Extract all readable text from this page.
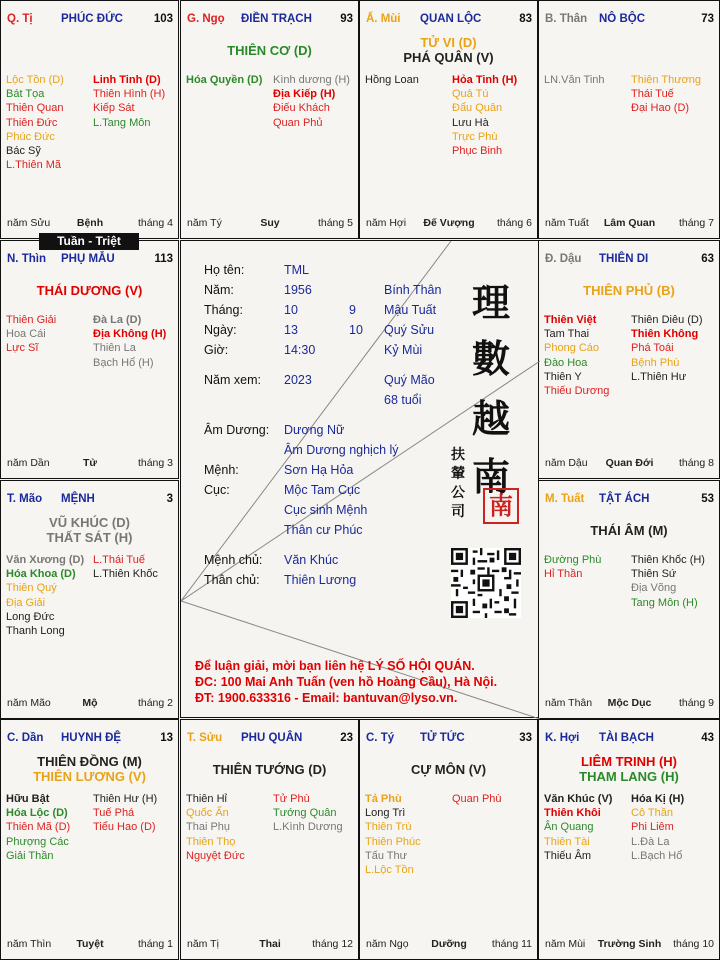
Q. Tị PHÚC ĐỨC	103
Lộc Tồn (D)
Bát Tọa
Thiên Quan
Thiên Đức
Phúc Đức
Bác Sỹ
L.Thiên Mã
Linh Tinh (D)
Thiên Hình (H)
Kiếp Sát
L.Tang Môn
năm Sửu	Bệnh	tháng 4
G. Ngọ ĐIỀN TRẠCH	93
THIÊN CƠ (D)
Hóa Quyền (D) Kình dương (H)
Địa Kiếp (H)
Điếu Khách
Quan Phủ
năm Tý	Suy	tháng 5
Ấ. Mùi QUAN LỘC	83
TỬ VI (D)
PHÁ QUÂN (V)
Hồng Loan	Hỏa Tinh (H)
Quả Tú
Đẩu Quân
Lưu Hà
Trực Phù
Phục Binh
năm Hợi	Đế Vượng	tháng 6
B. Thân NÔ BỘC	73
LN.Văn Tinh Thiên Thương
Thái Tuế
Đại Hao (D)
năm Tuất	Lâm Quan	tháng 7
N. Thìn PHỤ MẪU	113
THÁI DƯƠNG (V)
Thiên Giải
Hoa Cái
Lực Sĩ
Đà La (D)
Địa Không (H)
Thiên La
Bạch Hổ (H)
năm Dần	Tử	tháng 3
Đ. Dậu THIÊN DI	63
THIÊN PHỦ (B)
Thiên Việt
Tam Thai
Phong Cáo
Đào Hoa
Thiên Y
Thiếu Dương
Thiên Diêu (D)
Thiên Không
Phá Toái
Bệnh Phù
L.Thiên Hư
năm Dậu	Quan Đới	tháng 8
T. Mão MỆNH	3
VŨ KHÚC (D)
THẤT SÁT (H)
Văn Xương (D)
Hóa Khoa (D)
Thiên Quý
Địa Giải
Long Đức
Thanh Long
L.Thái Tuế
L.Thiên Khốc
năm Mão	Mộ	tháng 2
M. Tuất TẬT ÁCH	53
THÁI ÂM (M)
Đường Phù
Hỉ Thần
Thiên Khốc (H)
Thiên Sứ
Địa Võng
Tang Môn (H)
năm Thân	Mộc Dục	tháng 9
C. Dần HUYNH ĐỆ	13
THIÊN ĐỒNG (M)
THIÊN LƯƠNG (V)
Hữu Bật
Hóa Lộc (D)
Thiên Mã (D)
Phượng Các
Giải Thần
Thiên Hư (H)
Tuế Phá
Tiểu Hao (D)
năm Thìn	Tuyệt	tháng 1
T. Sửu PHU QUÂN	23
THIÊN TƯỚNG (D)
Thiên Hỉ
Quốc Ấn
Thai Phụ
Thiên Thọ
Nguyệt Đức
Tử Phù
Tướng Quân
L.Kình Dương
năm Tị	Thai	tháng 12
C. Tý TỬ TỨC	33
CỰ MÔN (V)
Tả Phù
Long Trì
Thiên Trù
Thiên Phúc
Tấu Thư
L.Lộc Tồn
Quan Phù
năm Ngọ	Dưỡng	tháng 11
K. Hợi TÀI BẠCH	43
LIÊM TRINH (H)
THAM LANG (H)
Văn Khúc (V)
Thiên Khôi
Ân Quang
Thiên Tài
Thiếu Âm
Hóa Kị (H)
Cô Thần
Phi Liêm
L.Đà La
L.Bạch Hổ
năm Mùi	Trường Sinh	tháng 10
Tuần - Triệt
Họ tên:	TML
Năm:	1956	Bính Thân
Tháng:	10	9 Mậu Tuất
Ngày:	13	10 Quý Sửu
Giờ:	14:30	Kỷ Mùi
Năm xem: 2023	Quý Mão
68 tuổi
Âm Dương: Dương Nữ
Âm Dương nghịch lý
Mệnh:	Sơn Hạ Hỏa
Cục:	Mộc Tam Cục
Cục sinh Mệnh
Thân cư Phúc
Mệnh chủ: Văn Khúc
Thân chủ: Thiên Lương
理
數
越
南
扶
輦
公
司 南
Để luận giải, mời bạn liên hệ LÝ SỐ HỘI QUÁN.
ĐC: 100 Mai Anh Tuấn (ven hồ Hoàng Cầu), Hà Nội.
ĐT: 1900.633316 - Email: bantuvan@lyso.vn.
